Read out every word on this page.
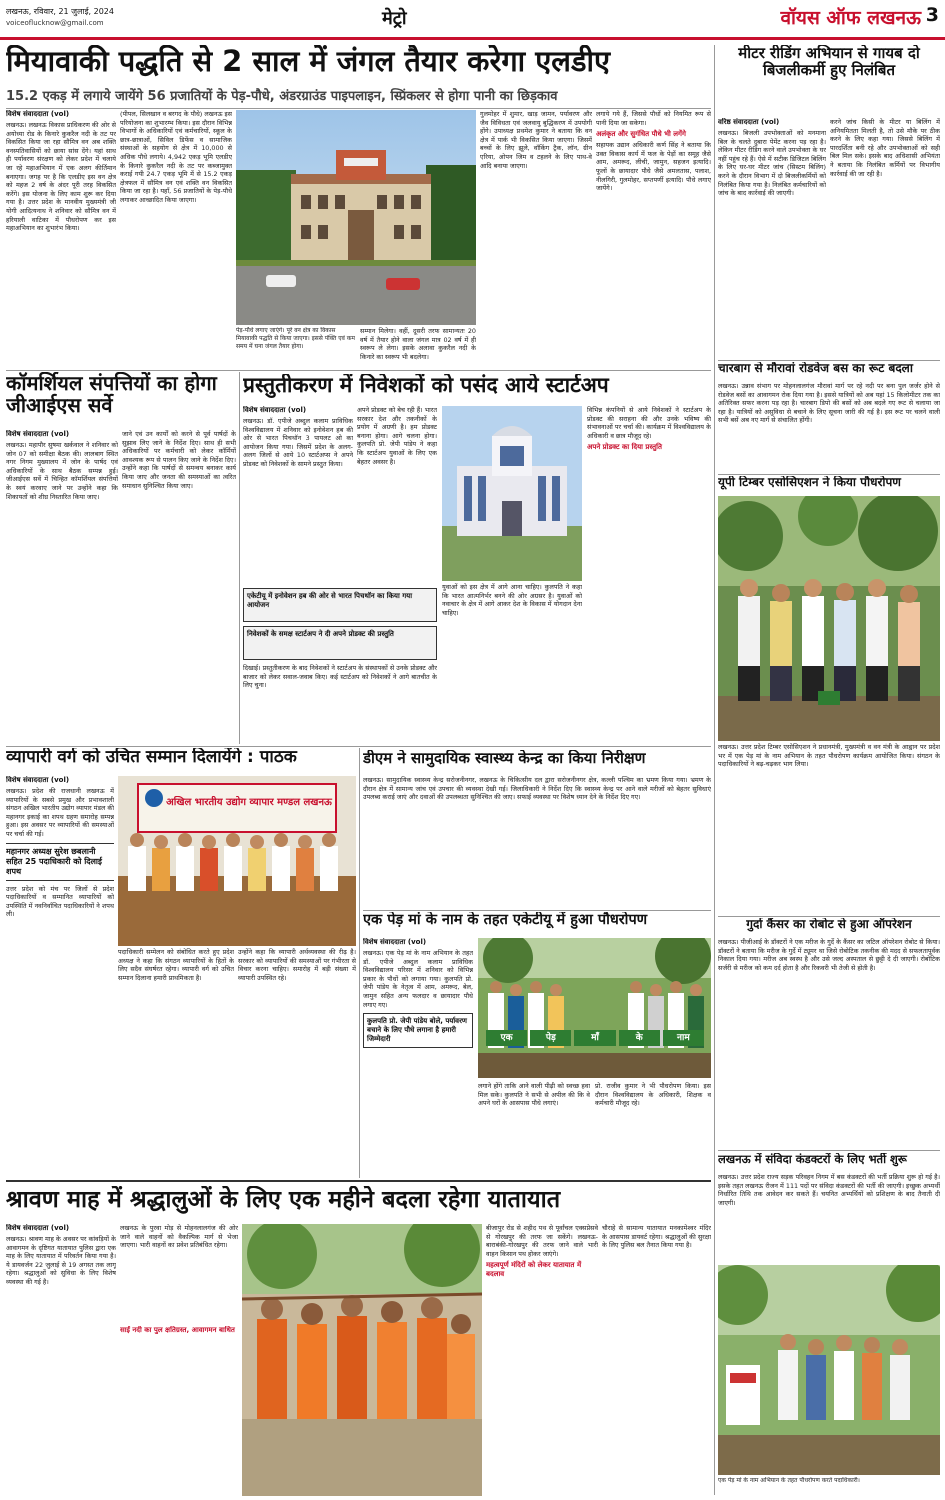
लखनऊ, रविवार, 21 जुलाई, 2024
voiceoflucknow@gmail.com	मेट्रो	वॉयस ऑफ लखनऊ 3
मियावाकी पद्धति से 2 साल में जंगल तैयार करेगा एलडीए
15.2 एकड़ में लगाये जायेंगे 56 प्रजातियों के पेड़-पौधे, अंडरग्राउंड पाइपलाइन, स्प्रिंकलर से होगा पानी का छिड़काव
विशेष संवाददाता (vol)
लखनऊ। लखनऊ विकास प्राधिकरण की ओर से अयोध्या रोड के किनारे कुकरैल नदी के तट पर विकसित किया जा रहा सौमित्र वन अब शक्ति वनस्पतिवासियों को छाया सांस देंगे। यहां साथ ही पर्यावरण संरक्षण को लेकर प्रदेश में चलाये जा रहे महाअभियान में एक अलग कीर्तिमान बनाएगा। जगह पर है कि एलडीए इस वन क्षेत्र को महज 2 वर्ष के अंदर पूरी तरह विकसित करेंगे। इस योजना के लिए काम शुरू कर दिया गया है। उत्तर प्रदेश के मानवीय मुख्यमंत्री जी योगी आदित्यनाथ ने शनिवार को सौमित्र वन में हरियाली वाटिका में पौधरोपण कर इस महाअभियान का शुभारंभ किया।
(पीपल, सिलखान व बरगद के पौधे) लखनऊ इस परियोजना का शुभारम्भ किया। इस दौरान विभिन्न विभागों के अधिकारियों एवं कर्मचारियों, स्कूल के छात्र-छात्राओं, सिविल डिफेंस व सामाजिक संस्थाओं के सहयोग से क्षेत्र में 10,000 से अधिक पौधे लगाये। 4,942 एकड़ भूमि एलडीए के किनारे कुकरैल नदी के तट पर कब्जामुक्त कराई गयी 24.7 एकड़ भूमि में से 15.2 एकड़ क्षेत्रफल में सौमित्र वन एवं शक्ति वन विकसित किया जा रहा है। यहाँ, 56 प्रजातियों के पेड़-पौधे लगाकर आच्छादित किया जाएगा।
पेड़-पौधे लगाए जाएंगे। पूरे वन क्षेत्र का विकास मियावाकी पद्धति से किया जाएगा। इससे पंक्ति एवं कम समय में घना जंगल तैयार होगा।
सम्मान मिलेगा। वहीं, दूसरी तरफ सामान्यतः 20 वर्ष में तैयार होने वाला जंगल मात्र 02 वर्ष में ही स्वरूप ले लेगा। इसके अलावा कुकरैल नदी के किनारे का स्वरूप भी बदलेगा।
गुलमोहर में शुमार, खाड़ जामन, पर्यावरण और जैव विविधता एवं जलवायु बुद्धिकरण में उपयोगी होंगे। उपाध्यक्ष प्रथमेश कुमार ने बताया कि वन क्षेत्र में पार्क भी विकसित किया जाएगा। जिसमें बच्चों के लिए झूले, वॉकिंग ट्रैक, लॉन, ग्रीन एरिया, ओपन जिम व टहलने के लिए पाथ-वे आदि बनाया जाएगा।
लगाये गये हैं, जिससे पौधों को नियमित रूप से पानी दिया जा सकेगा।
अलंकृत और सुगंधित पौधे भी लगेंगे
सहायक उद्यान अधिकारी कर्ण सिंह ने बताया कि उक्त विकास कार्य में फल के पेड़ों का समूह जैसे आम, अमरूद, लीची, जामुन, सहजन इत्यादि। फूलों के छायादार पौधे जैसे अमलतास, पलाश, नीलगिरी, गुलमोहर, सप्तपर्णी इत्यादि। पौधे लगाए जायेंगे।
मीटर रीडिंग अभियान से गायब दो बिजलीकर्मी हुए निलंबित
वरिष्ठ संवाददाता (vol)
लखनऊ। बिजली उपभोक्ताओं को मनमाना बिल के चलते दुबारा पेमेंट करना पड़ रहा है। लेकिन मीटर रीडिंग करने वाले उपभोक्ता के घर नहीं पहुंच रहे हैं। ऐसे में सटीक डिजिटल बिलिंग के लिए घर-घर मीटर जांच (सिस्टम बिलिंग) करने के दौरान विभाग में दो बिजलीकर्मियों को निलंबित किया गया है। निलंबित कर्मचारियों को जांच के बाद कार्रवाई की जाएगी।
करने जांच किसी के मीटर या बिलिंग में अनियमितता मिलती है, तो उसे मौके पर ठीक करने के लिए कहा गया। जिससे बिलिंग में पारदर्शिता बनी रहे और उपभोक्ताओं को सही बिल मिल सके। इसके बाद अधिशासी अभियंता ने बताया कि निलंबित कर्मियों पर विभागीय कार्रवाई की जा रही है।
चारबाग से मौरावां रोडवेज बस का रूट बदला
लखनऊ। उन्नाव संभाग पर मोहनलालगंज मौरावां मार्ग पर रहे नदी पर बना पुल जर्जर होने से रोडवेज बसों का आवागमन रोक दिया गया है। इससे यात्रियों को अब यहां 15 किलोमीटर तक का अतिरिक्त सफर करना पड़ रहा है। चारबाग डिपो की बसों को अब बदले गए रूट से चलाया जा रहा है। यात्रियों को असुविधा से बचाने के लिए सूचना जारी की गई है। इस रूट पर चलने वाली सभी बसें अब नए मार्ग से संचालित होंगी।
यूपी टिम्बर एसोसिएशन ने किया पौधरोपण
लखनऊ। उत्तर प्रदेश टिम्बर एसोसिएशन ने प्रधानमंत्री, मुख्यमंत्री व वन मंत्री के आह्वान पर प्रदेश भर में एक पेड़ मां के नाम अभियान के तहत पौधरोपण कार्यक्रम आयोजित किया। संगठन के पदाधिकारियों ने बढ़-चढ़कर भाग लिया।
गुर्दा कैंसर का रोबोट से हुआ ऑपरेशन
लखनऊ। पीजीआई के डॉक्टरों ने एक मरीज के गुर्दे के कैंसर का जटिल ऑपरेशन रोबोट से किया। डॉक्टरों ने बताया कि मरीज के गुर्दे में ट्यूमर था जिसे रोबोटिक तकनीक की मदद से सफलतापूर्वक निकाल दिया गया। मरीज अब स्वस्थ है और उसे जल्द अस्पताल से छुट्टी दे दी जाएगी। रोबोटिक सर्जरी से मरीज को कम दर्द होता है और रिकवरी भी तेजी से होती है।
लखनऊ में संविदा कंडक्टरों के लिए भर्ती शुरू
लखनऊ। उत्तर प्रदेश राज्य सड़क परिवहन निगम में बस कंडक्टरों की भर्ती प्रक्रिया शुरू हो गई है। इसके तहत लखनऊ रीजन में 111 पदों पर संविदा कंडक्टरों की भर्ती की जाएगी। इच्छुक अभ्यर्थी निर्धारित तिथि तक आवेदन कर सकते हैं। चयनित अभ्यर्थियों को प्रशिक्षण के बाद तैनाती दी जाएगी।
एक पेड़ मां के नाम अभियान के तहत पौधरोपण करते पदाधिकारी।
कॉमर्शियल संपत्तियों का होगा जीआईएस सर्वे
विशेष संवाददाता (vol)
लखनऊ। महापौर सुषमा खर्कवाल ने शनिवार को जोन 07 को समीक्षा बैठक की। लालबाग स्थित नगर निगम मुख्यालय में जोन के पार्षद एवं अधिकारियों के साथ बैठक सम्पन्न हुई। जीआईएस सर्वे में चिन्हित कॉमर्शियल संपत्तियों के स्वयं करवाए जाने पर उन्होंने कहा कि शिकायतों को शीघ्र निस्तारित किया जाए।
जाने एवं उन कार्यों को करने से पूर्व पार्षदों के सुझाव लिए जाने के निर्देश दिए। साथ ही सभी अधिकारियों पर कर्मचारी को लेकर कॉर्मियों आवश्यक रूप से पालन किए जाने के निर्देश दिए। उन्होंने कहा कि पार्षदों से समन्वय बनाकर कार्य किया जाए और जनता की समस्याओं का त्वरित समाधान सुनिश्चित किया जाए।
प्रस्तुतीकरण में निवेशकों को पसंद आये स्टार्टअप
विशेष संवाददाता (vol)
लखनऊ। डॉ. एपीजे अब्दुल कलाम प्राविधिक विश्वविद्यालय में शनिवार को इनोवेशन हब की ओर से भारत पिचथॉन 3 पायलट ओ का आयोजन किया गया। जिसमें प्रदेश के अलग-अलग जिलों से आये 10 स्टार्टअप्स ने अपने प्रोडक्ट को निवेशकों के सामने प्रस्तुत किया।
अपने प्रोडक्ट को बेच रही हैं। भारत सरकार देश और तकनीकों के प्रयोग में अग्रणी है। हम प्रोडक्ट बनाना होगा। आगे चलना होगा। कुलपति प्रो. जेपी पांडेय ने कहा कि स्टार्टअप युवाओं के लिए एक बेहतर अवसर है।
एकेटीयू में इनोवेशन हब की ओर से भारत पिचथॉन का किया गया आयोजन
निवेशकों के समक्ष स्टार्टअप ने दी अपने प्रोडक्ट की प्रस्तुति
दिखाई। प्रस्तुतीकरण के बाद निवेशकों ने स्टार्टअप के संस्थापकों से उनके प्रोडक्ट और बाजार को लेकर सवाल-जवाब किए। कई स्टार्टअप को निवेशकों ने आगे बातचीत के लिए चुना।
युवाओं को इस क्षेत्र में आगे आना चाहिए। कुलपति ने कहा कि भारत आत्मनिर्भर बनने की ओर अग्रसर है। युवाओं को नवाचार के क्षेत्र में आगे आकर देश के विकास में योगदान देना चाहिए।
विभिन्न कंपनियों से आये निवेशकों ने स्टार्टअप के प्रोडक्ट की सराहना की और उनके भविष्य की संभावनाओं पर चर्चा की। कार्यक्रम में विश्वविद्यालय के अधिकारी व छात्र मौजूद रहे।
अपने प्रोडक्ट का दिया प्रस्तुति
व्यापारी वर्ग को उचित सम्मान दिलायेंगे : पाठक
विशेष संवाददाता (vol)
लखनऊ। प्रदेश की राजधानी लखनऊ में व्यापारियों के सबसे प्रमुख और प्रभावशाली संगठन अखिल भारतीय उद्योग व्यापार मंडल की महानगर इकाई का शपथ ग्रहण समारोह सम्पन्न हुआ। इस अवसर पर व्यापारियों की समस्याओं पर चर्चा की गई।
महानगर अध्यक्ष सुरेश छबलानी सहित 25 पदाधिकारी को दिलाई शपथ
उत्तर प्रदेश को मंच पर जिलों से प्रदेश पदाधिकारियों व सम्मानित व्यापारियों को उपस्थिति में नवनिर्वाचित पदाधिकारियों ने शपथ ली।
अखिल भारतीय उद्योग व्यापार मण्डल लखनऊ
पदाधिकारी सम्मेलन को संबोधित करते हुए प्रदेश अध्यक्ष ने कहा कि संगठन व्यापारियों के हितों के लिए सदैव संघर्षरत रहेगा। व्यापारी वर्ग को उचित सम्मान दिलाना हमारी प्राथमिकता है।
उन्होंने कहा कि व्यापारी अर्थव्यवस्था की रीढ़ है। सरकार को व्यापारियों की समस्याओं पर गंभीरता से विचार करना चाहिए। समारोह में बड़ी संख्या में व्यापारी उपस्थित रहे।
डीएम ने सामुदायिक स्वास्थ्य केन्द्र का किया निरीक्षण
लखनऊ। सामुदायिक स्वास्थ्य केन्द्र सरोजनीनगर, लखनऊ के चिकित्सीय दल द्वारा सरोजनीनगर क्षेत्र, कल्ली पश्चिम का भ्रमण किया गया। भ्रमण के दौरान क्षेत्र में सामान्य जांच एवं उपचार की व्यवस्था देखी गई। जिलाधिकारी ने निर्देश दिए कि स्वास्थ्य केन्द्र पर आने वाले मरीजों को बेहतर सुविधाएं उपलब्ध कराई जाएं और दवाओं की उपलब्धता सुनिश्चित की जाए। सफाई व्यवस्था पर विशेष ध्यान देने के निर्देश दिए गए।
एक पेड़ मां के नाम के तहत एकेटीयू में हुआ पौधरोपण
विशेष संवाददाता (vol)
लखनऊ। एक पेड़ मां के नाम अभियान के तहत डॉ. एपीजे अब्दुल कलाम प्राविधिक विश्वविद्यालय परिसर में शनिवार को विभिन्न प्रकार के पौधों को लगाया गया। कुलपति प्रो. जेपी पांडेय के नेतृत्व में आम, अमरूद, बेल, जामुन सहित अन्य फलदार व छायादार पौधे लगाए गए।
कुलपति प्रो. जेपी पांडेय बोले, पर्यावरण बचाने के लिए पौधे लगाना है हमारी जिम्मेदारी	एक	पेड़	माँ	के	नाम
लगाने होंगे ताकि आने वाली पीढ़ी को स्वच्छ हवा मिल सके। कुलपति ने सभी से अपील की कि वे अपने घरों के आसपास पौधे लगाएं।
प्रो. राजीव कुमार ने भी पौधरोपण किया। इस दौरान विश्वविद्यालय के अधिकारी, शिक्षक व कर्मचारी मौजूद रहे।
श्रावण माह में श्रद्धालुओं के लिए एक महीने बदला रहेगा यातायात
विशेष संवाददाता (vol)
लखनऊ। श्रावण माह के अवसर पर कांवड़ियों के आवागमन के दृष्टिगत यातायात पुलिस द्वारा एक माह के लिए यातायात में परिवर्तन किया गया है। ये डायवर्जन 22 जुलाई से 19 अगस्त तक लागू रहेगा। श्रद्धालुओं को सुविधा के लिए विशेष व्यवस्था की गई है।
लखनऊ के पुरवा मोड़ से मोहनलालगंज की ओर जाने वाले वाहनों को वैकल्पिक मार्ग से भेजा जाएगा। भारी वाहनों का प्रवेश प्रतिबंधित रहेगा।
साईं नदी का पुल क्षतिग्रस्त, आवागमन बाधित
बीजापुर रोड से शहीद पथ से पूर्वांचल एक्सप्रेसवे से गोरखपुर की तरफ जा सकेंगे। लखनऊ-बाराबंकी-गोरखपुर की तरफ जाने वाले भारी वाहन किसान पथ होकर जाएंगे।
महत्वपूर्ण मंदिरों को लेकर यातायात में बदलाव
चौराहे से सामान्य यातायात मनकामेश्वर मंदिर के आसपास डायवर्ट रहेगा। श्रद्धालुओं की सुरक्षा के लिए पुलिस बल तैनात किया गया है।
